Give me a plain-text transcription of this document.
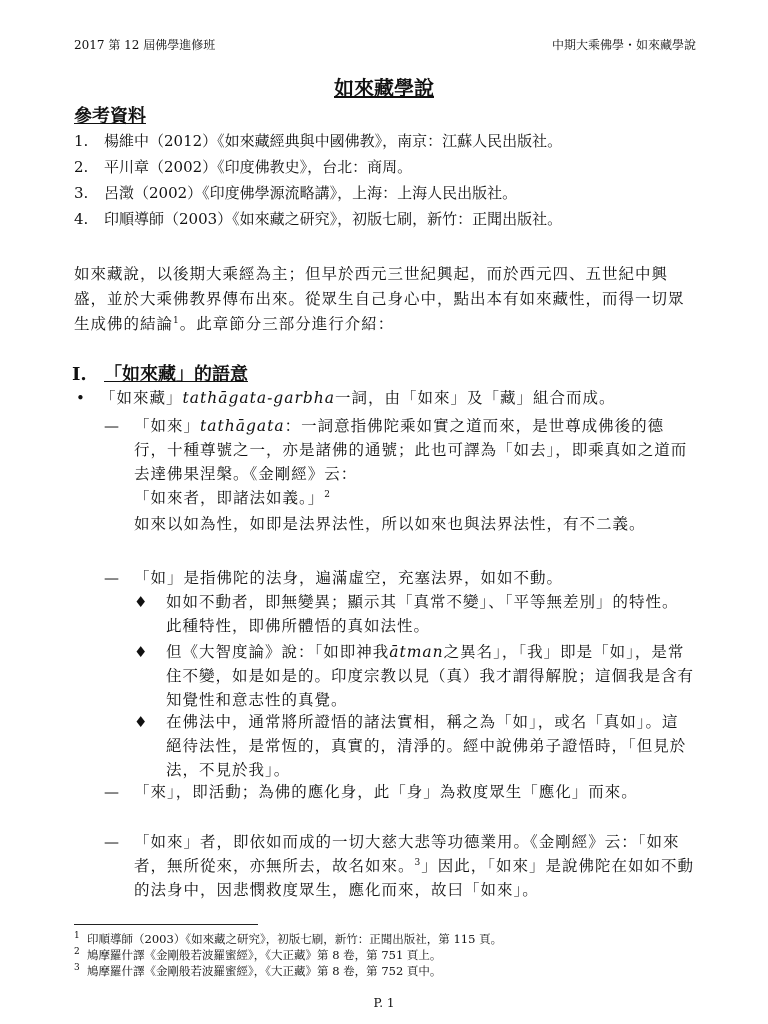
2017 第 12 屆佛學進修班	中期大乘佛學・如來藏學說
如來藏學說
參考資料
1. 楊維中（2012）《如來藏經典與中國佛教》，南京：江蘇人民出版社。
2. 平川章（2002）《印度佛教史》，台北：商周。
3. 呂澂（2002）《印度佛學源流略講》，上海：上海人民出版社。
4. 印順導師（2003）《如來藏之研究》，初版七刷，新竹：正聞出版社。
如來藏說，以後期大乘經為主；但早於西元三世紀興起，而於西元四、五世紀中興盛，並於大乘佛教界傳布出來。從眾生自己身心中，點出本有如來藏性，而得一切眾生成佛的結論$^1$。此章節分三部分進行介紹：
I. 「如來藏」的語意
• 「如來藏」tathāgata-garbha一詞，由「如來」及「藏」組合而成。
— 「如來」tathāgata：一詞意指佛陀乘如實之道而來，是世尊成佛後的德行，十種尊號之一，亦是諸佛的通號；此也可譯為「如去」，即乘真如之道而去達佛果涅槃。《金剛經》云：
「如來者，即諸法如義。」$^2$
如來以如為性，如即是法界法性，所以如來也與法界法性，有不二義。
— 「如」是指佛陀的法身，遍滿虛空，充塞法界，如如不動。
♦ 如如不動者，即無變異；顯示其「真常不變」、「平等無差別」的特性。此種特性，即佛所體悟的真如法性。
♦ 但《大智度論》說：「如即神我ātman之異名」，「我」即是「如」，是常住不變，如是如是的。印度宗教以見（真）我才謂得解脫；這個我是含有知覺性和意志性的真覺。
♦ 在佛法中，通常將所證悟的諸法實相，稱之為「如」，或名「真如」。這絕待法性，是常恆的，真實的，清淨的。經中說佛弟子證悟時，「但見於法，不見於我」。
— 「來」，即活動；為佛的應化身，此「身」為救度眾生「應化」而來。
— 「如來」者，即依如而成的一切大慈大悲等功德業用。《金剛經》云：「如來者，無所從來，亦無所去，故名如來。$^3$」因此，「如來」是說佛陀在如如不動的法身中，因悲憫救度眾生，應化而來，故曰「如來」。
$^1$ 印順導師（2003）《如來藏之研究》，初版七刷，新竹：正聞出版社，第 115 頁。
$^2$ 鳩摩羅什譯《金剛般若波羅蜜經》，《大正藏》第 8 卷，第 751 頁上。
$^3$ 鳩摩羅什譯《金剛般若波羅蜜經》，《大正藏》第 8 卷，第 752 頁中。
P. 1
